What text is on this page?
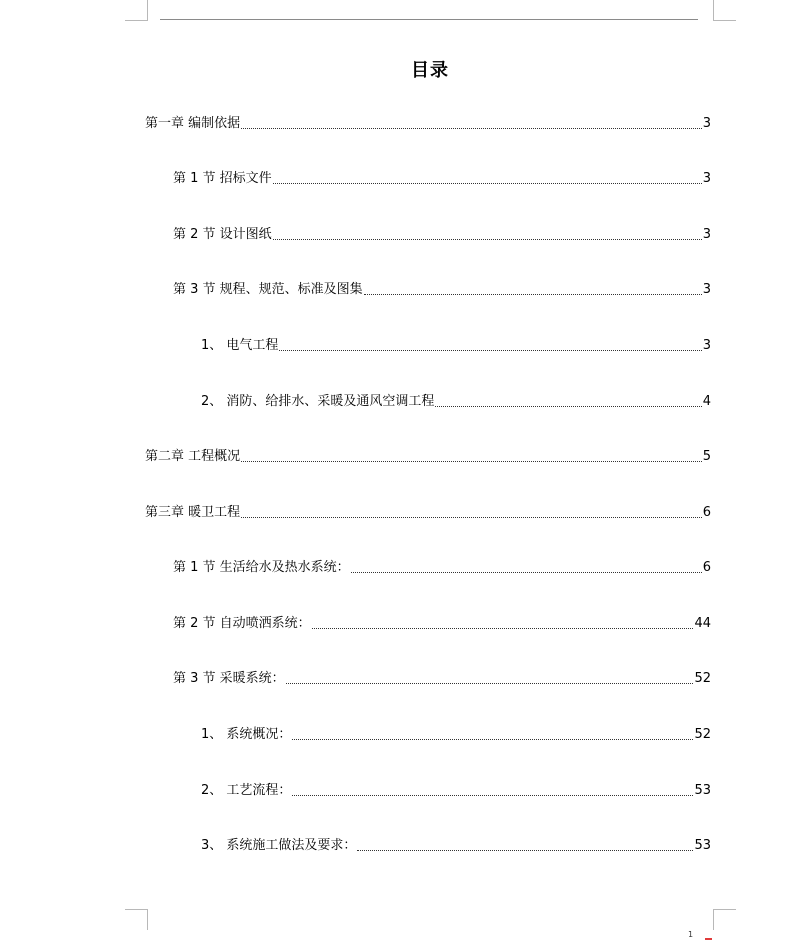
目录
第一章 编制依据	3
第 1 节 招标文件	3
第 2 节 设计图纸	3
第 3 节 规程、规范、标准及图集	3
1、 电气工程	3
2、 消防、给排水、采暖及通风空调工程	4
第二章 工程概况	5
第三章 暖卫工程	6
第 1 节 生活给水及热水系统：	6
第 2 节 自动喷洒系统：	44
第 3 节 采暖系统：	52
1、 系统概况：	52
2、 工艺流程：	53
3、 系统施工做法及要求：	53
1
